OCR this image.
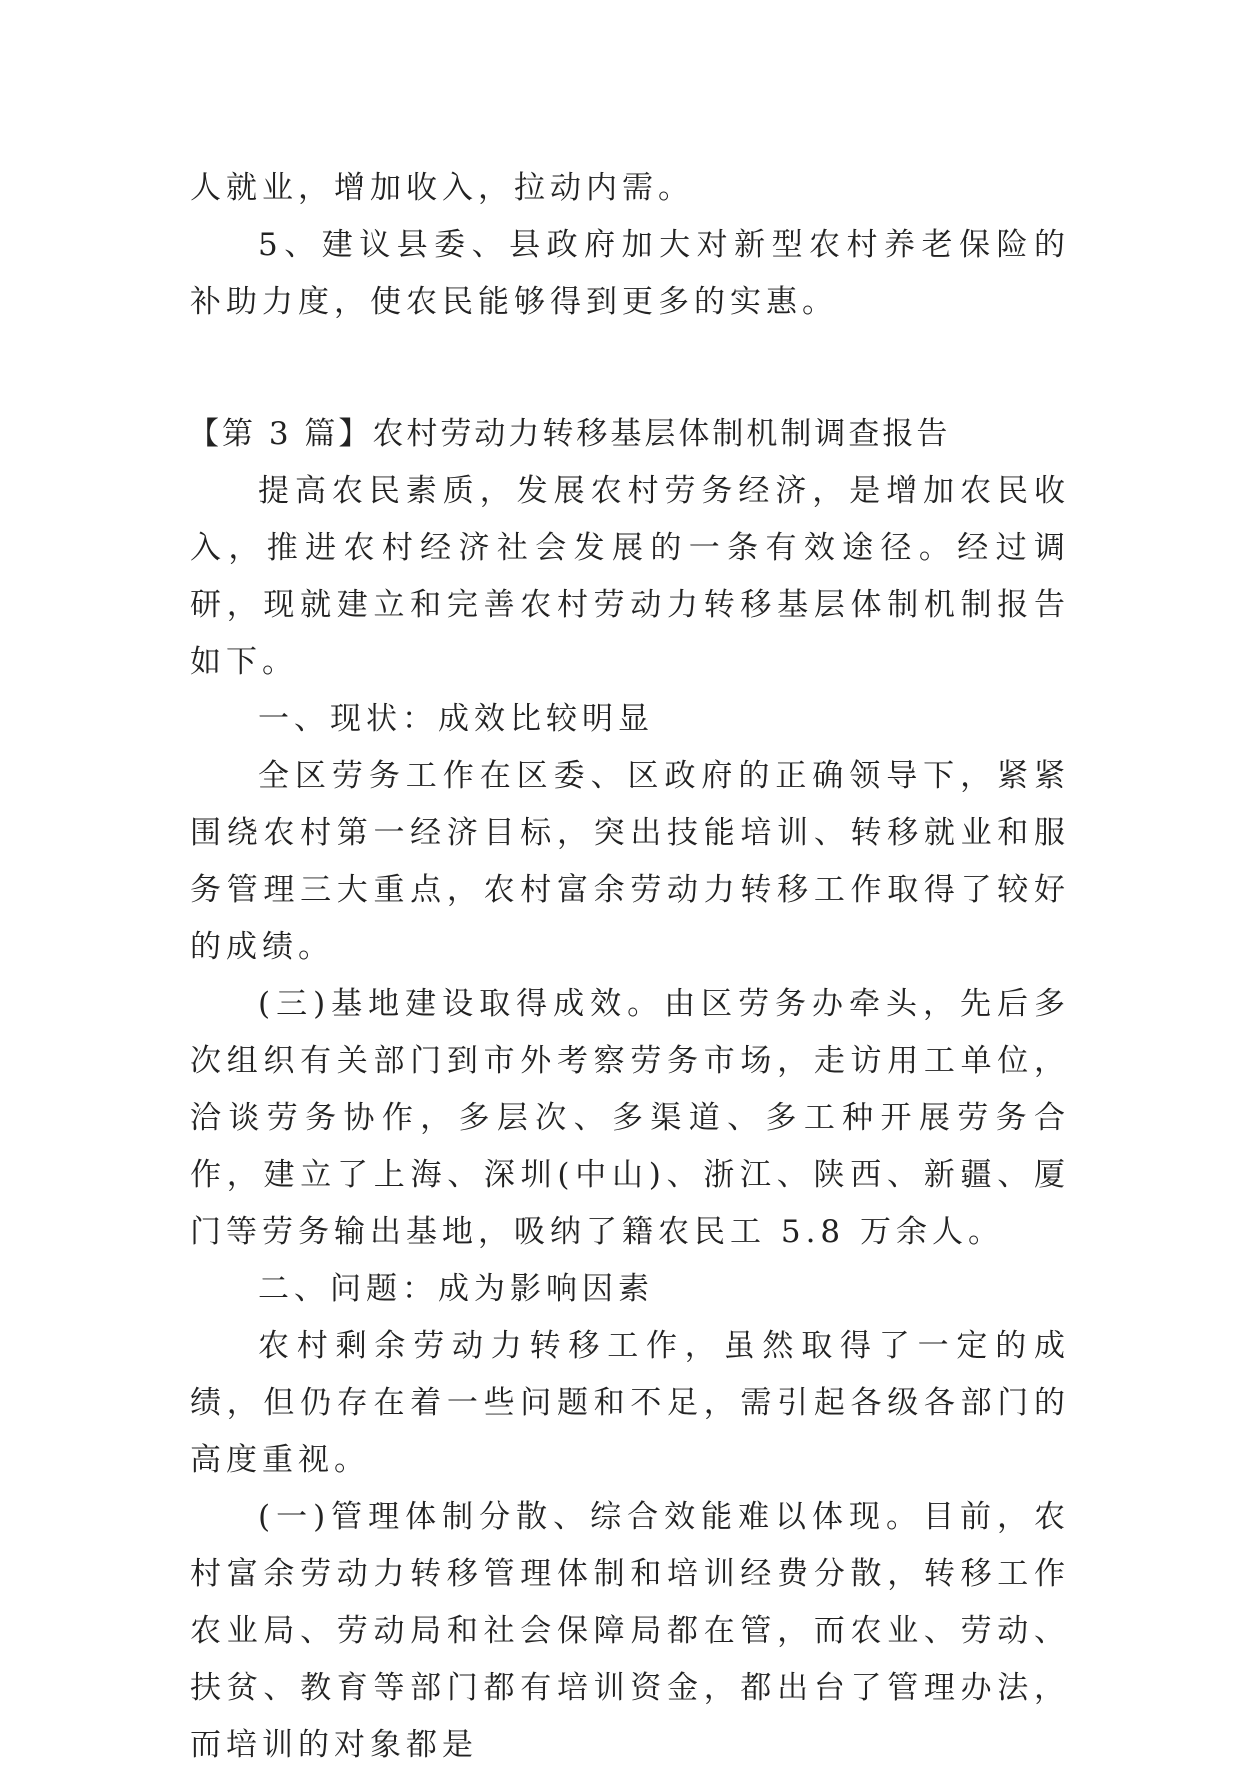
人就业，增加收入，拉动内需。

5、建议县委、县政府加大对新型农村养老保险的补助力度，使农民能够得到更多的实惠。

【第 3 篇】农村劳动力转移基层体制机制调查报告

提高农民素质，发展农村劳务经济，是增加农民收入，推进农村经济社会发展的一条有效途径。经过调研，现就建立和完善农村劳动力转移基层体制机制报告如下。

一、现状：成效比较明显

全区劳务工作在区委、区政府的正确领导下，紧紧围绕农村第一经济目标，突出技能培训、转移就业和服务管理三大重点，农村富余劳动力转移工作取得了较好的成绩。

(三)基地建设取得成效。由区劳务办牵头，先后多次组织有关部门到市外考察劳务市场，走访用工单位，洽谈劳务协作，多层次、多渠道、多工种开展劳务合作，建立了上海、深圳(中山)、浙江、陕西、新疆、厦门等劳务输出基地，吸纳了籍农民工 5.8 万余人。

二、问题：成为影响因素

农村剩余劳动力转移工作，虽然取得了一定的成绩，但仍存在着一些问题和不足，需引起各级各部门的高度重视。

(一)管理体制分散、综合效能难以体现。目前，农村富余劳动力转移管理体制和培训经费分散，转移工作农业局、劳动局和社会保障局都在管，而农业、劳动、扶贫、教育等部门都有培训资金，都出台了管理办法，而培训的对象都是
